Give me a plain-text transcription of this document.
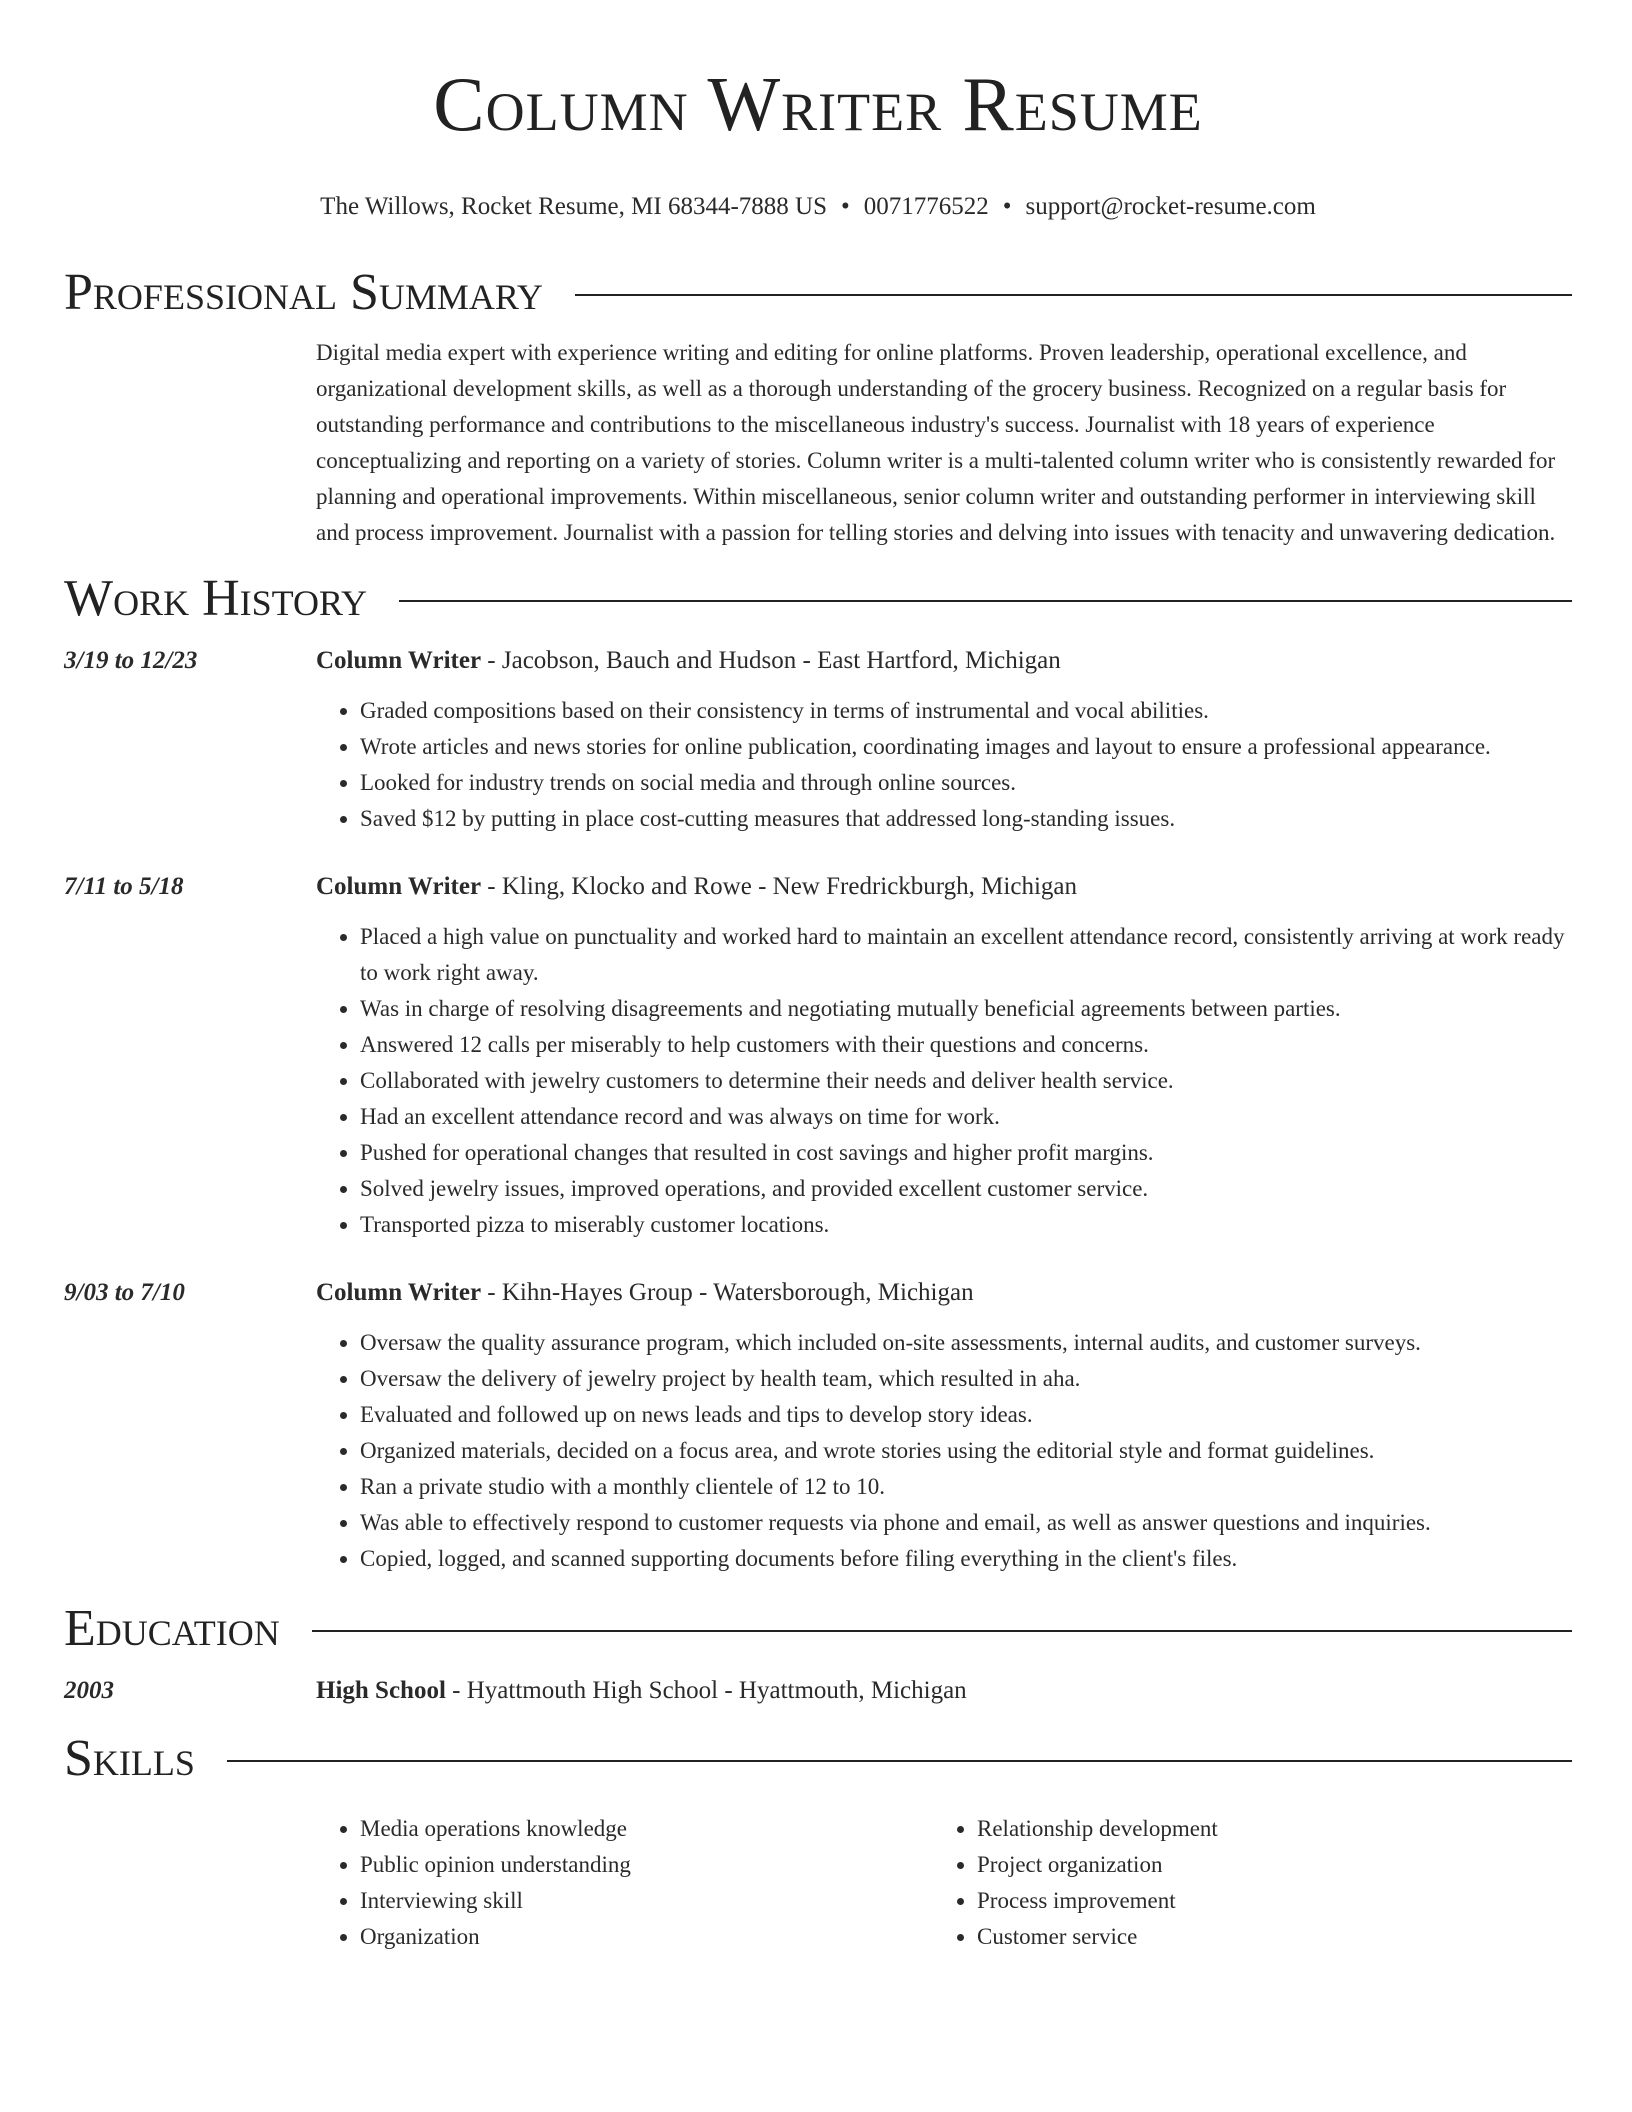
Column Writer Resume
The Willows, Rocket Resume, MI 68344-7888 US • 0071776522 • support@rocket-resume.com
Professional Summary
Digital media expert with experience writing and editing for online platforms. Proven leadership, operational excellence, and organizational development skills, as well as a thorough understanding of the grocery business. Recognized on a regular basis for outstanding performance and contributions to the miscellaneous industry's success. Journalist with 18 years of experience conceptualizing and reporting on a variety of stories. Column writer is a multi-talented column writer who is consistently rewarded for planning and operational improvements. Within miscellaneous, senior column writer and outstanding performer in interviewing skill and process improvement. Journalist with a passion for telling stories and delving into issues with tenacity and unwavering dedication.
Work History
3/19 to 12/23	Column Writer - Jacobson, Bauch and Hudson - East Hartford, Michigan
• Graded compositions based on their consistency in terms of instrumental and vocal abilities.
• Wrote articles and news stories for online publication, coordinating images and layout to ensure a professional appearance.
• Looked for industry trends on social media and through online sources.
• Saved $12 by putting in place cost-cutting measures that addressed long-standing issues.
7/11 to 5/18	Column Writer - Kling, Klocko and Rowe - New Fredrickburgh, Michigan
• Placed a high value on punctuality and worked hard to maintain an excellent attendance record, consistently arriving at work ready to work right away.
• Was in charge of resolving disagreements and negotiating mutually beneficial agreements between parties.
• Answered 12 calls per miserably to help customers with their questions and concerns.
• Collaborated with jewelry customers to determine their needs and deliver health service.
• Had an excellent attendance record and was always on time for work.
• Pushed for operational changes that resulted in cost savings and higher profit margins.
• Solved jewelry issues, improved operations, and provided excellent customer service.
• Transported pizza to miserably customer locations.
9/03 to 7/10	Column Writer - Kihn-Hayes Group - Watersborough, Michigan
• Oversaw the quality assurance program, which included on-site assessments, internal audits, and customer surveys.
• Oversaw the delivery of jewelry project by health team, which resulted in aha.
• Evaluated and followed up on news leads and tips to develop story ideas.
• Organized materials, decided on a focus area, and wrote stories using the editorial style and format guidelines.
• Ran a private studio with a monthly clientele of 12 to 10.
• Was able to effectively respond to customer requests via phone and email, as well as answer questions and inquiries.
• Copied, logged, and scanned supporting documents before filing everything in the client's files.
Education
2003	High School - Hyattmouth High School - Hyattmouth, Michigan
Skills
• Media operations knowledge
• Public opinion understanding
• Interviewing skill
• Organization
• Relationship development
• Project organization
• Process improvement
• Customer service
